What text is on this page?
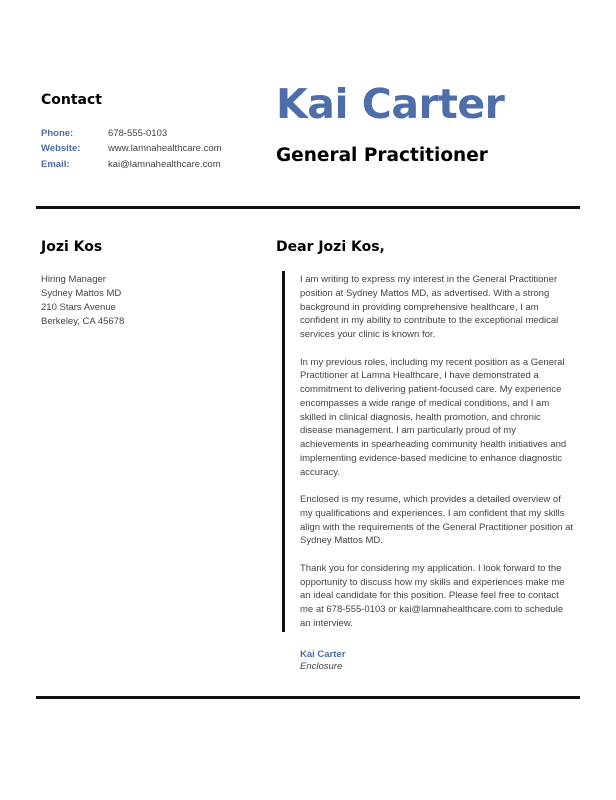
Contact
Phone:	678-555-0103
Website:	www.lamnahealthcare.com
Email:	kai@lamnahealthcare.com
Kai Carter
General Practitioner
Jozi Kos
Hiring Manager
Sydney Mattos MD
210 Stars Avenue
Berkeley, CA 45678
Dear Jozi Kos,

I am writing to express my interest in the General Practitioner position at Sydney Mattos MD, as advertised. With a strong background in providing comprehensive healthcare, I am confident in my ability to contribute to the exceptional medical services your clinic is known for.

In my previous roles, including my recent position as a General Practitioner at Lamna Healthcare, I have demonstrated a commitment to delivering patient-focused care. My experience encompasses a wide range of medical conditions, and I am skilled in clinical diagnosis, health promotion, and chronic disease management. I am particularly proud of my achievements in spearheading community health initiatives and implementing evidence-based medicine to enhance diagnostic accuracy.

Enclosed is my resume, which provides a detailed overview of my qualifications and experiences. I am confident that my skills align with the requirements of the General Practitioner position at Sydney Mattos MD.

Thank you for considering my application. I look forward to the opportunity to discuss how my skills and experiences make me an ideal candidate for this position. Please feel free to contact me at 678-555-0103 or kai@lamnahealthcare.com to schedule an interview.

Kai Carter
Enclosure
